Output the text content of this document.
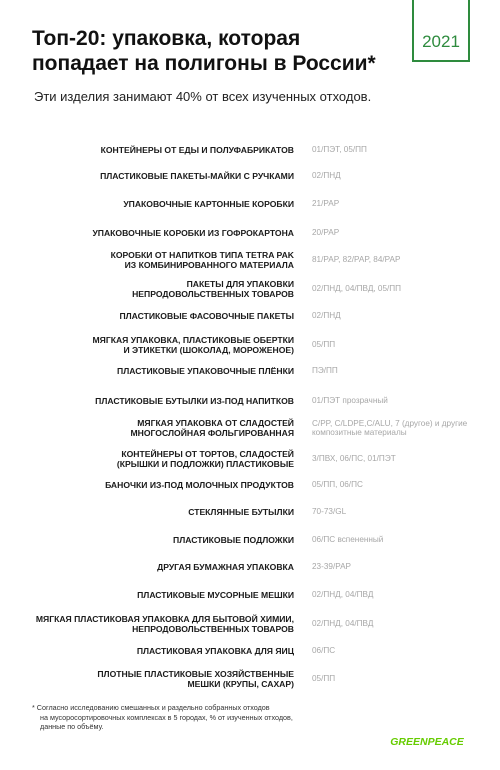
2021
Топ-20: упаковка, которая попадает на полигоны в России*
Эти изделия занимают 40% от всех изученных отходов.
КОНТЕЙНЕРЫ ОТ ЕДЫ И ПОЛУФАБРИКАТОВ 01/ПЭТ, 05/ПП
ПЛАСТИКОВЫЕ ПАКЕТЫ-МАЙКИ С РУЧКАМИ 02/ПНД
УПАКОВОЧНЫЕ КАРТОННЫЕ КОРОБКИ 21/PAP
УПАКОВОЧНЫЕ КОРОБКИ ИЗ ГОФРОКАРТОНА 20/PAP
КОРОБКИ ОТ НАПИТКОВ ТИПА TETRA PAK
ИЗ КОМБИНИРОВАННОГО МАТЕРИАЛА
81/PAP, 82/PAP, 84/PAP
ПАКЕТЫ ДЛЯ УПАКОВКИ
НЕПРОДОВОЛЬСТВЕННЫХ ТОВАРОВ
02/ПНД, 04/ПВД, 05/ПП
ПЛАСТИКОВЫЕ ФАСОВОЧНЫЕ ПАКЕТЫ 02/ПНД
МЯГКАЯ УПАКОВКА, ПЛАСТИКОВЫЕ ОБЕРТКИ
И ЭТИКЕТКИ (ШОКОЛАД, МОРОЖЕНОЕ)
05/ПП
ПЛАСТИКОВЫЕ УПАКОВОЧНЫЕ ПЛЁНКИ ПЭ/ПП
ПЛАСТИКОВЫЕ БУТЫЛКИ ИЗ-ПОД НАПИТКОВ 01/ПЭТ прозрачный
МЯГКАЯ УПАКОВКА ОТ СЛАДОСТЕЙ
МНОГОСЛОЙНАЯ ФОЛЬГИРОВАННАЯ
C/PP, C/LDPE,C/ALU, 7 (другое) и другие
композитные материалы
КОНТЕЙНЕРЫ ОТ ТОРТОВ, СЛАДОСТЕЙ
(КРЫШКИ И ПОДЛОЖКИ) ПЛАСТИКОВЫЕ
3/ПВХ, 06/ПС, 01/ПЭТ
БАНОЧКИ ИЗ-ПОД МОЛОЧНЫХ ПРОДУКТОВ 05/ПП, 06/ПС
СТЕКЛЯННЫЕ БУТЫЛКИ 70-73/GL
ПЛАСТИКОВЫЕ ПОДЛОЖКИ 06/ПС вспененный
ДРУГАЯ БУМАЖНАЯ УПАКОВКА 23-39/PAP
ПЛАСТИКОВЫЕ МУСОРНЫЕ МЕШКИ 02/ПНД, 04/ПВД
МЯГКАЯ ПЛАСТИКОВАЯ УПАКОВКА ДЛЯ БЫТОВОЙ ХИМИИ,
НЕПРОДОВОЛЬСТВЕННЫХ ТОВАРОВ
02/ПНД, 04/ПВД
ПЛАСТИКОВАЯ УПАКОВКА ДЛЯ ЯИЦ 06/ПС
ПЛОТНЫЕ ПЛАСТИКОВЫЕ ХОЗЯЙСТВЕННЫЕ
МЕШКИ (КРУПЫ, САХАР)
05/ПП
* Согласно исследованию смешанных и раздельно собранных отходов
на мусоросортировочных комплексах в 5 городах, % от изученных отходов,
данные по объёму.
GREENPEACE
